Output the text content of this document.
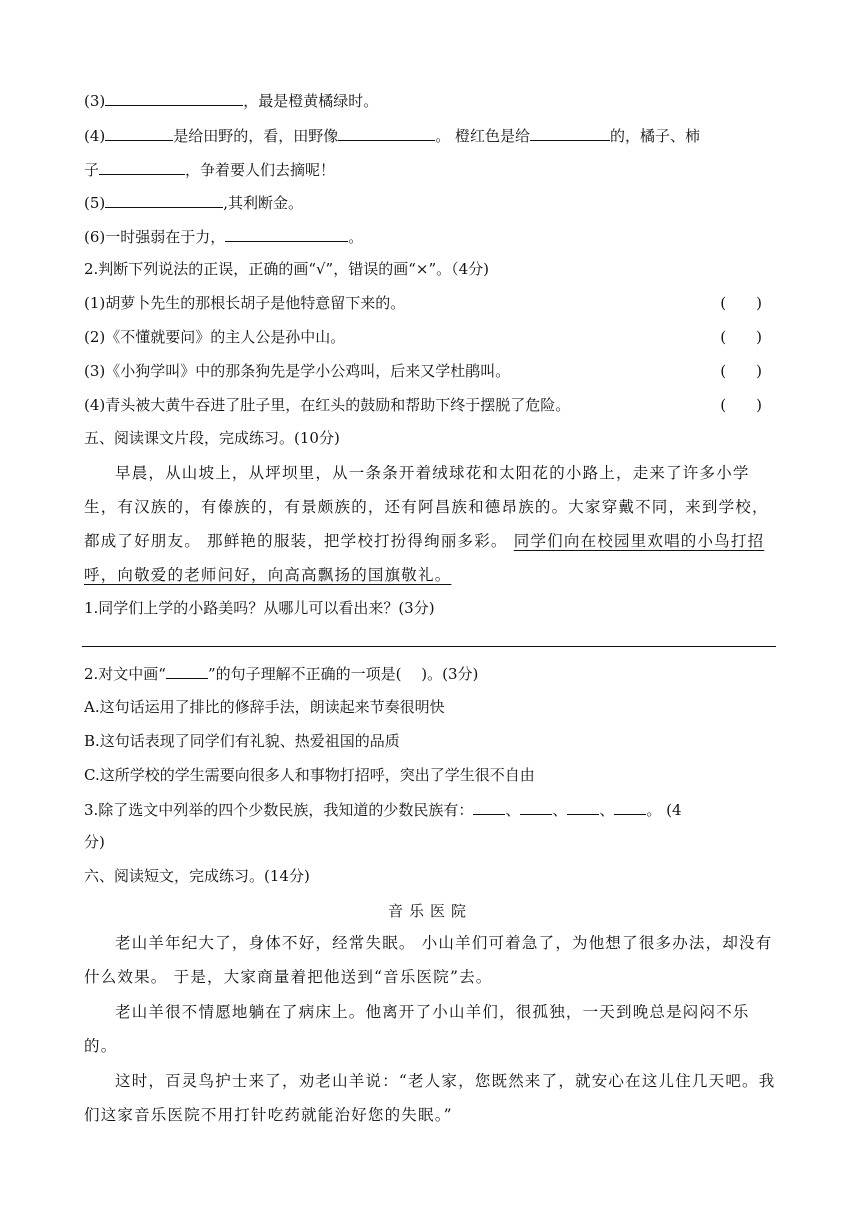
(3)	，最是橙黄橘绿时。
(4)	是给田野的，看，田野像	。 橙红色是给	的，橘子、柿
子	，争着要人们去摘呢！
(5)	,其利断金。
(6)一时强弱在于力，	。
2.判断下列说法的正误，正确的画“√”，错误的画“×”。（4分)
(1)胡萝卜先生的那根长胡子是他特意留下来的。	(　　)
(2)《不懂就要问》的主人公是孙中山。	(　　)
(3)《小狗学叫》中的那条狗先是学小公鸡叫，后来又学杜鹃叫。	(　　)
(4)青头被大黄牛吞进了肚子里，在红头的鼓励和帮助下终于摆脱了危险。	(　　)
五、阅读课文片段，完成练习。(10分)
早晨，从山坡上，从坪坝里，从一条条开着绒球花和太阳花的小路上，走来了许多小学生，有汉族的，有傣族的，有景颇族的，还有阿昌族和德昂族的。大家穿戴不同，来到学校，都成了好朋友。 那鲜艳的服装，把学校打扮得绚丽多彩。 同学们向在校园里欢唱的小鸟打招呼，向敬爱的老师问好，向高高飘扬的国旗敬礼。
1.同学们上学的小路美吗？从哪儿可以看出来？(3分)
2.对文中画“	”的句子理解不正确的一项是(　 )。(3分)
A.这句话运用了排比的修辞手法，朗读起来节奏很明快
B.这句话表现了同学们有礼貌、热爱祖国的品质
C.这所学校的学生需要向很多人和事物打招呼，突出了学生很不自由
3.除了选文中列举的四个少数民族，我知道的少数民族有： 、 、 、 。 (4
分)
六、阅读短文，完成练习。(14分)
音乐医院
老山羊年纪大了，身体不好，经常失眠。 小山羊们可着急了，为他想了很多办法，却没有什么效果。 于是，大家商量着把他送到“音乐医院”去。
老山羊很不情愿地躺在了病床上。他离开了小山羊们，很孤独，一天到晚总是闷闷不乐的。
这时，百灵鸟护士来了，劝老山羊说：“老人家，您既然来了，就安心在这儿住几天吧。我们这家音乐医院不用打针吃药就能治好您的失眠。”
